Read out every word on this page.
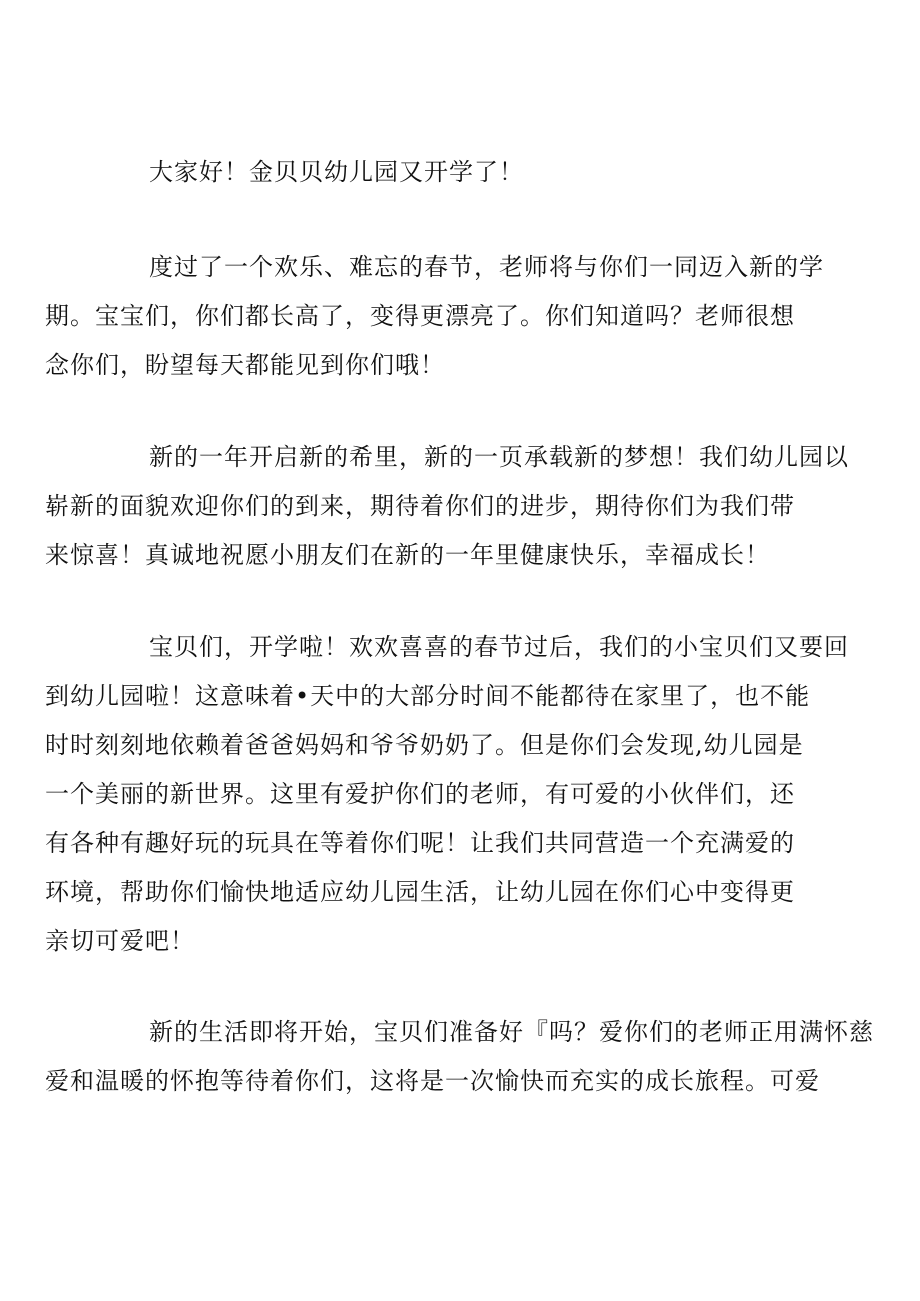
大家好！金贝贝幼儿园又开学了！
度过了一个欢乐、难忘的春节，老师将与你们一同迈入新的学
期。宝宝们，你们都长高了，变得更漂亮了。你们知道吗？老师很想
念你们，盼望每天都能见到你们哦！
新的一年开启新的希里，新的一页承载新的梦想！我们幼儿园以
崭新的面貌欢迎你们的到来，期待着你们的进步，期待你们为我们带
来惊喜！真诚地祝愿小朋友们在新的一年里健康快乐，幸福成长！
宝贝们，开学啦！欢欢喜喜的春节过后，我们的小宝贝们又要回
到幼儿园啦！这意味着•天中的大部分时间不能都待在家里了，也不能
时时刻刻地依赖着爸爸妈妈和爷爷奶奶了。但是你们会发现,幼儿园是
一个美丽的新世界。这里有爱护你们的老师，有可爱的小伙伴们，还
有各种有趣好玩的玩具在等着你们呢！让我们共同营造一个充满爱的
环境，帮助你们愉快地适应幼儿园生活，让幼儿园在你们心中变得更
亲切可爱吧！
新的生活即将开始，宝贝们准备好『吗？爱你们的老师正用满怀慈
爱和温暖的怀抱等待着你们，这将是一次愉快而充实的成长旅程。可爱
